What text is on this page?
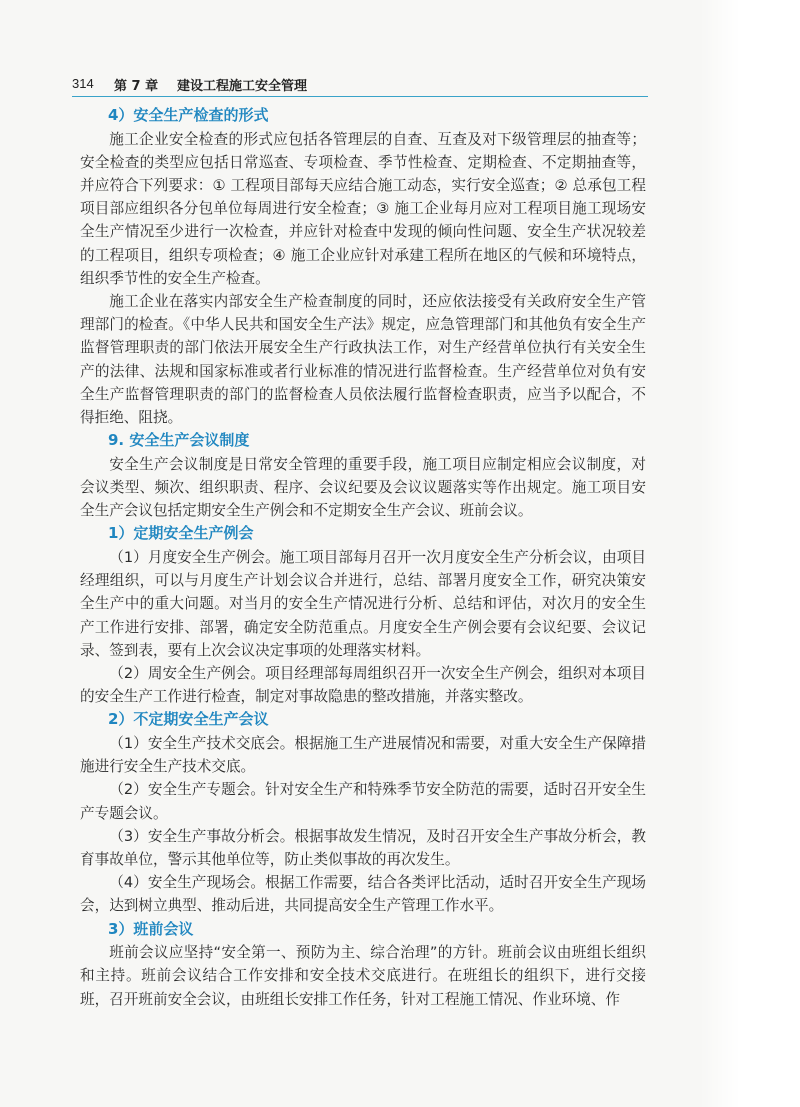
314 第 7 章 建设工程施工安全管理
4）安全生产检查的形式

施工企业安全检查的形式应包括各管理层的自查、互查及对下级管理层的抽查等；安全检查的类型应包括日常巡查、专项检查、季节性检查、定期检查、不定期抽查等，并应符合下列要求：① 工程项目部每天应结合施工动态，实行安全巡查；② 总承包工程项目部应组织各分包单位每周进行安全检查；③ 施工企业每月应对工程项目施工现场安全生产情况至少进行一次检查，并应针对检查中发现的倾向性问题、安全生产状况较差的工程项目，组织专项检查；④ 施工企业应针对承建工程所在地区的气候和环境特点，组织季节性的安全生产检查。

施工企业在落实内部安全生产检查制度的同时，还应依法接受有关政府安全生产管理部门的检查。《中华人民共和国安全生产法》规定，应急管理部门和其他负有安全生产监督管理职责的部门依法开展安全生产行政执法工作，对生产经营单位执行有关安全生产的法律、法规和国家标准或者行业标准的情况进行监督检查。生产经营单位对负有安全生产监督管理职责的部门的监督检查人员依法履行监督检查职责，应当予以配合，不得拒绝、阻挠。

9. 安全生产会议制度

安全生产会议制度是日常安全管理的重要手段，施工项目应制定相应会议制度，对会议类型、频次、组织职责、程序、会议纪要及会议议题落实等作出规定。施工项目安全生产会议包括定期安全生产例会和不定期安全生产会议、班前会议。

1）定期安全生产例会

（1）月度安全生产例会。施工项目部每月召开一次月度安全生产分析会议，由项目经理组织，可以与月度生产计划会议合并进行，总结、部署月度安全工作，研究决策安全生产中的重大问题。对当月的安全生产情况进行分析、总结和评估，对次月的安全生产工作进行安排、部署，确定安全防范重点。月度安全生产例会要有会议纪要、会议记录、签到表，要有上次会议决定事项的处理落实材料。

（2）周安全生产例会。项目经理部每周组织召开一次安全生产例会，组织对本项目的安全生产工作进行检查，制定对事故隐患的整改措施，并落实整改。

2）不定期安全生产会议

（1）安全生产技术交底会。根据施工生产进展情况和需要，对重大安全生产保障措施进行安全生产技术交底。

（2）安全生产专题会。针对安全生产和特殊季节安全防范的需要，适时召开安全生产专题会议。

（3）安全生产事故分析会。根据事故发生情况，及时召开安全生产事故分析会，教育事故单位，警示其他单位等，防止类似事故的再次发生。

（4）安全生产现场会。根据工作需要，结合各类评比活动，适时召开安全生产现场会，达到树立典型、推动后进，共同提高安全生产管理工作水平。

3）班前会议

班前会议应坚持“安全第一、预防为主、综合治理”的方针。班前会议由班组长组织和主持。班前会议结合工作安排和安全技术交底进行。在班组长的组织下，进行交接班，召开班前安全会议，由班组长安排工作任务，针对工程施工情况、作业环境、作
